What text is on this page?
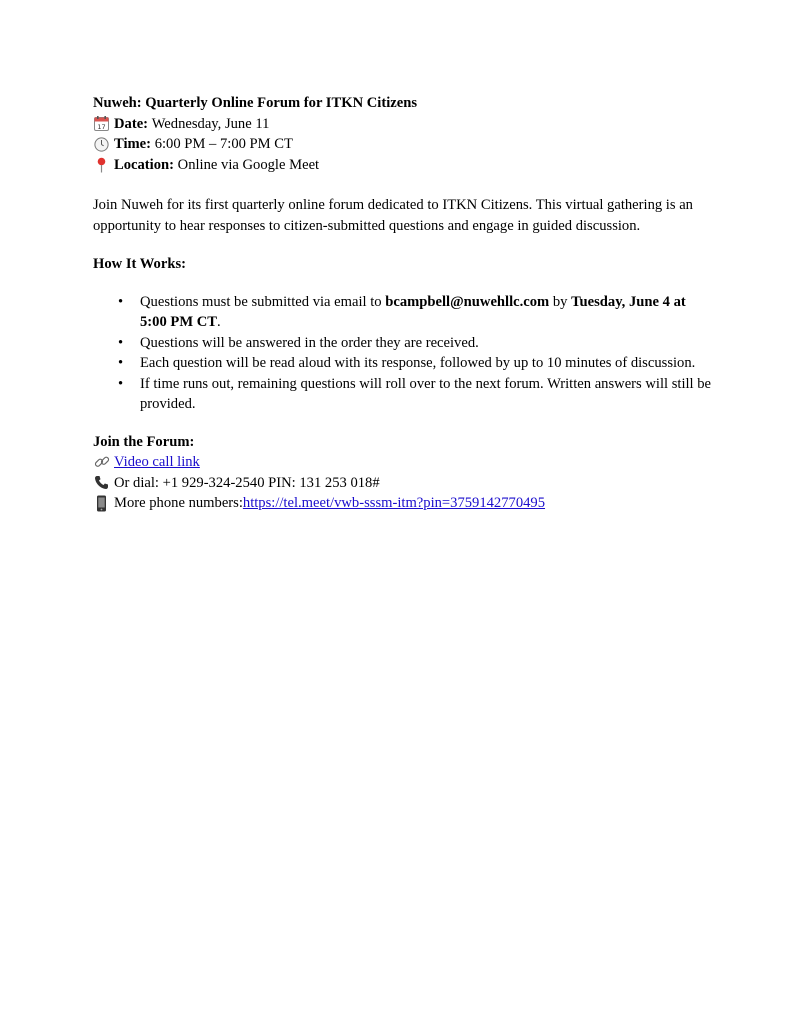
Nuweh: Quarterly Online Forum for ITKN Citizens
17 Date:
Wednesday, June 11
Time:
6:00 PM – 7:00 PM CT
Location:
Online via Google Meet
Join Nuweh for its first quarterly online forum dedicated to ITKN Citizens. This virtual gathering is an opportunity to hear responses to citizen-submitted questions and engage in guided discussion.
How It Works:
• Questions must be submitted via email to bcampbell@nuwehllc.com by Tuesday, June 4 at 5:00 PM CT.
• Questions will be answered in the order they are received.
• Each question will be read aloud with its response, followed by up to 10 minutes of discussion.
• If time runs out, remaining questions will roll over to the next forum. Written answers will still be provided.
Join the Forum:
Video call link
Or dial: +1 929-324-2540 PIN: 131 253 018#
More phone numbers: https://tel.meet/vwb-sssm-itm?pin=3759142770495
